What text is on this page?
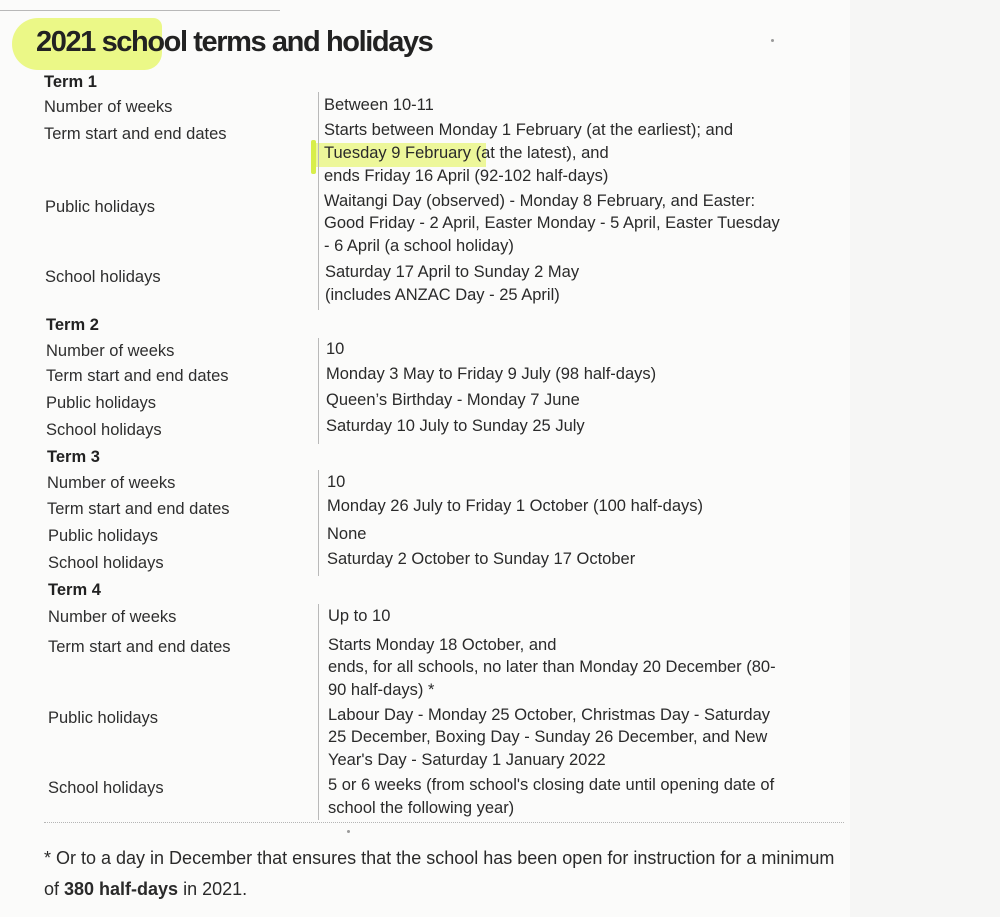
2021 school terms and holidays
Term 1
Number of weeks	Between 10-11
Term start and end dates	Starts between Monday 1 February (at the earliest); and
Tuesday 9 February (at the latest), and
ends Friday 16 April (92-102 half-days)
Public holidays	Waitangi Day (observed) - Monday 8 February, and Easter:
Good Friday - 2 April, Easter Monday - 5 April, Easter Tuesday
- 6 April (a school holiday)
School holidays	Saturday 17 April to Sunday 2 May
(includes ANZAC Day - 25 April)
Term 2
Number of weeks	10
Term start and end dates	Monday 3 May to Friday 9 July (98 half-days)
Public holidays	Queen’s Birthday - Monday 7 June
School holidays	Saturday 10 July to Sunday 25 July
Term 3
Number of weeks	10
Term start and end dates	Monday 26 July to Friday 1 October (100 half-days)
Public holidays	None
School holidays	Saturday 2 October to Sunday 17 October
Term 4
Number of weeks	Up to 10
Term start and end dates	Starts Monday 18 October, and
ends, for all schools, no later than Monday 20 December (80-
90 half-days) *
Public holidays	Labour Day - Monday 25 October, Christmas Day - Saturday
25 December, Boxing Day - Sunday 26 December, and New
Year's Day - Saturday 1 January 2022
School holidays	5 or 6 weeks (from school's closing date until opening date of
school the following year)

* Or to a day in December that ensures that the school has been open for instruction for a minimum of 380 half-days in 2021.
